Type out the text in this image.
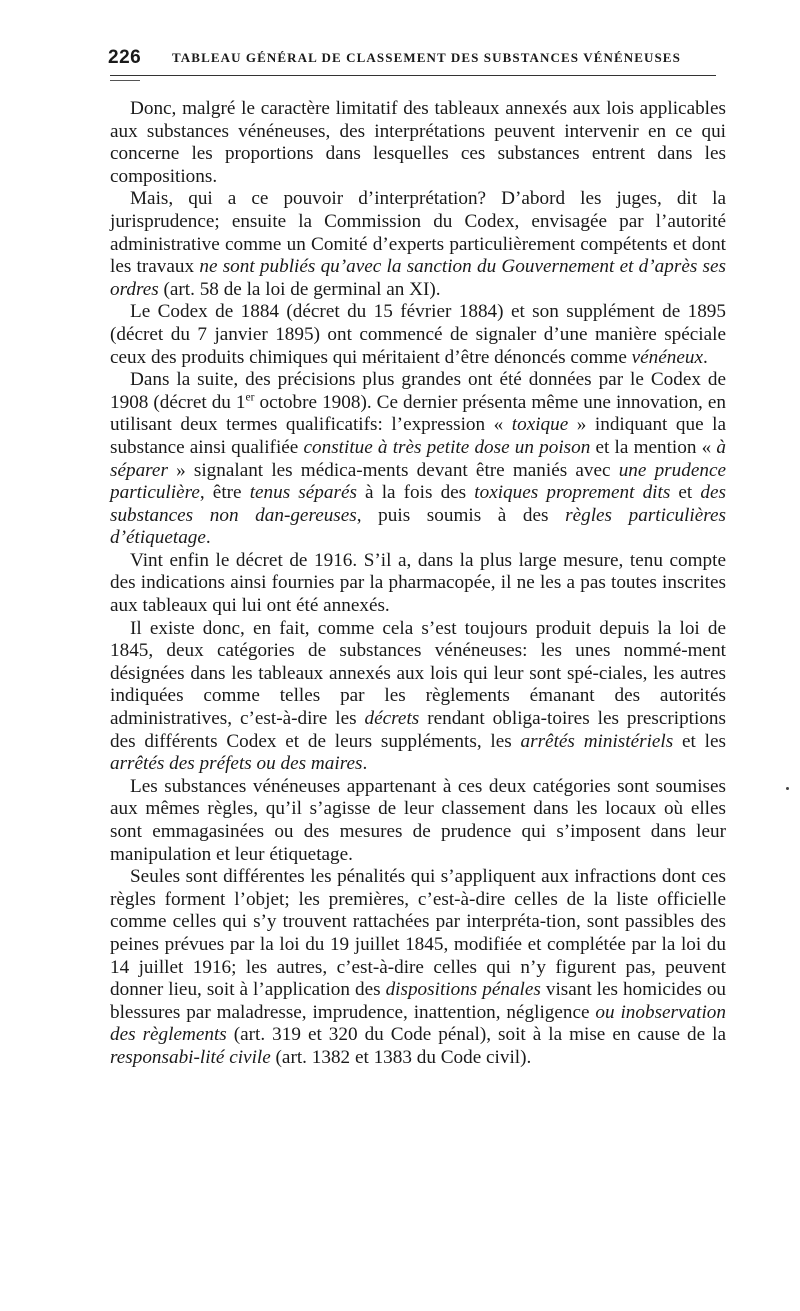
226 TABLEAU GÉNÉRAL DE CLASSEMENT DES SUBSTANCES VÉNÉNEUSES

Donc, malgré le caractère limitatif des tableaux annexés aux lois applicables aux substances vénéneuses, des interprétations peuvent intervenir en ce qui concerne les proportions dans lesquelles ces substances entrent dans les compositions.

Mais, qui a ce pouvoir d’interprétation? D’abord les juges, dit la jurisprudence; ensuite la Commission du Codex, envisagée par l’autorité administrative comme un Comité d’experts particulièrement compétents et dont les travaux ne sont publiés qu’avec la sanction du Gouvernement et d’après ses ordres (art. 58 de la loi de germinal an XI).

Le Codex de 1884 (décret du 15 février 1884) et son supplément de 1895 (décret du 7 janvier 1895) ont commencé de signaler d’une manière spéciale ceux des produits chimiques qui méritaient d’être dénoncés comme vénéneux.

Dans la suite, des précisions plus grandes ont été données par le Codex de 1908 (décret du 1er octobre 1908). Ce dernier présenta même une innovation, en utilisant deux termes qualificatifs: l’expression « toxique » indiquant que la substance ainsi qualifiée constitue à très petite dose un poison et la mention « à séparer » signalant les médica-ments devant être maniés avec une prudence particulière, être tenus séparés à la fois des toxiques proprement dits et des substances non dan-gereuses, puis soumis à des règles particulières d’étiquetage.

Vint enfin le décret de 1916. S’il a, dans la plus large mesure, tenu compte des indications ainsi fournies par la pharmacopée, il ne les a pas toutes inscrites aux tableaux qui lui ont été annexés.

Il existe donc, en fait, comme cela s’est toujours produit depuis la loi de 1845, deux catégories de substances vénéneuses: les unes nommé-ment désignées dans les tableaux annexés aux lois qui leur sont spé-ciales, les autres indiquées comme telles par les règlements émanant des autorités administratives, c’est-à-dire les décrets rendant obliga-toires les prescriptions des différents Codex et de leurs suppléments, les arrêtés ministériels et les arrêtés des préfets ou des maires.

Les substances vénéneuses appartenant à ces deux catégories sont soumises aux mêmes règles, qu’il s’agisse de leur classement dans les locaux où elles sont emmagasinées ou des mesures de prudence qui s’imposent dans leur manipulation et leur étiquetage.

Seules sont différentes les pénalités qui s’appliquent aux infractions dont ces règles forment l’objet; les premières, c’est-à-dire celles de la liste officielle comme celles qui s’y trouvent rattachées par interpréta-tion, sont passibles des peines prévues par la loi du 19 juillet 1845, modifiée et complétée par la loi du 14 juillet 1916; les autres, c’est-à-dire celles qui n’y figurent pas, peuvent donner lieu, soit à l’application des dispositions pénales visant les homicides ou blessures par maladresse, imprudence, inattention, négligence ou inobservation des règlements (art. 319 et 320 du Code pénal), soit à la mise en cause de la responsabi-lité civile (art. 1382 et 1383 du Code civil).
